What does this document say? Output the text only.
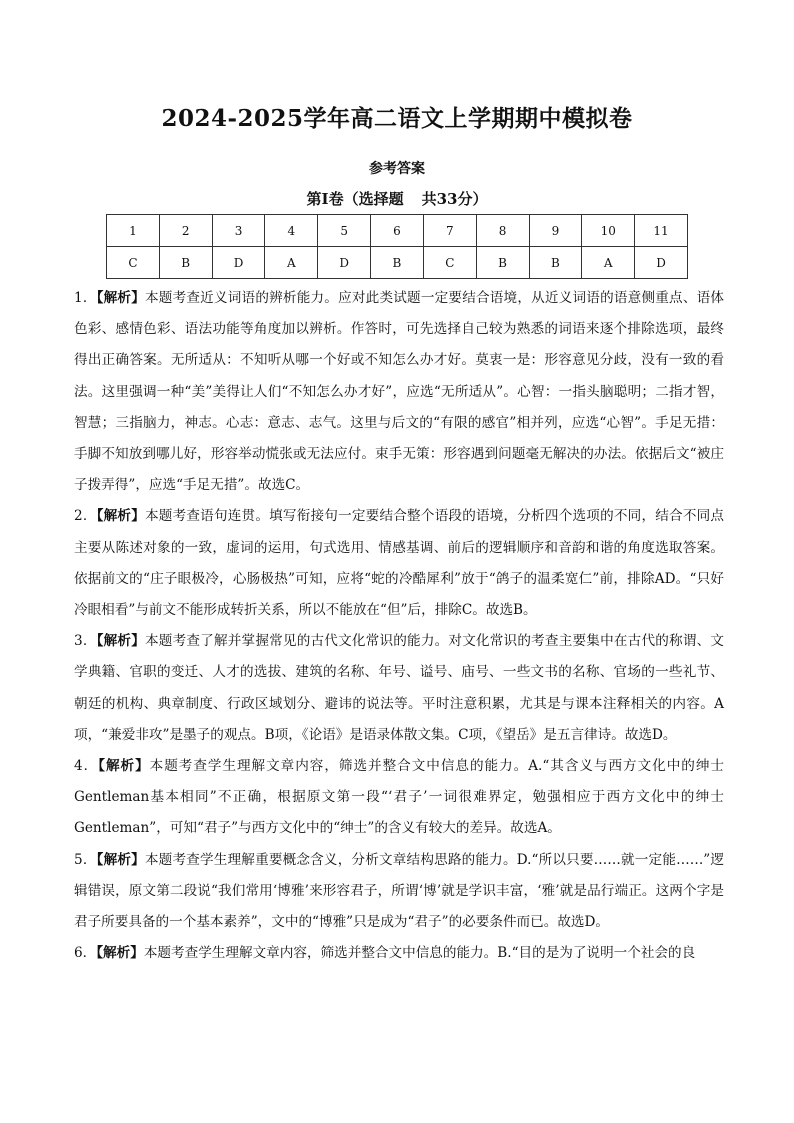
2024-2025学年高二语文上学期期中模拟卷
参考答案
第Ⅰ卷（选择题 共33分）
1	2	3	4	5	6	7	8	9	10	11
C	B	D	A	D	B	C	B	B	A	D

1．【解析】本题考查近义词语的辨析能力。应对此类试题一定要结合语境，从近义词语的语意侧重点、语体色彩、感情色彩、语法功能等角度加以辨析。作答时，可先选择自己较为熟悉的词语来逐个排除选项，最终得出正确答案。无所适从：不知听从哪一个好或不知怎么办才好。莫衷一是：形容意见分歧，没有一致的看法。这里强调一种“美”美得让人们“不知怎么办才好”，应选“无所适从”。心智：一指头脑聪明；二指才智，智慧；三指脑力，神志。心志：意志、志气。这里与后文的“有限的感官”相并列，应选“心智”。手足无措：手脚不知放到哪儿好，形容举动慌张或无法应付。束手无策：形容遇到问题毫无解决的办法。依据后文“被庄子拨弄得”，应选“手足无措”。故选C。

2．【解析】本题考查语句连贯。填写衔接句一定要结合整个语段的语境，分析四个选项的不同，结合不同点主要从陈述对象的一致，虚词的运用，句式选用、情感基调、前后的逻辑顺序和音韵和谐的角度选取答案。依据前文的“庄子眼极冷，心肠极热”可知，应将“蛇的冷酷犀利”放于“鸽子的温柔宽仁”前，排除AD。“只好冷眼相看”与前文不能形成转折关系，所以不能放在“但”后，排除C。故选B。

3．【解析】本题考查了解并掌握常见的古代文化常识的能力。对文化常识的考查主要集中在古代的称谓、文学典籍、官职的变迁、人才的选拔、建筑的名称、年号、谥号、庙号、一些文书的名称、官场的一些礼节、朝廷的机构、典章制度、行政区域划分、避讳的说法等。平时注意积累，尤其是与课本注释相关的内容。A项，“兼爱非攻”是墨子的观点。B项，《论语》是语录体散文集。C项，《望岳》是五言律诗。故选D。

4．【解析】本题考查学生理解文章内容，筛选并整合文中信息的能力。A.“其含义与西方文化中的绅士Gentleman基本相同”不正确，根据原文第一段“‘君子’一词很难界定，勉强相应于西方文化中的绅士Gentleman”，可知“君子”与西方文化中的“绅士”的含义有较大的差异。故选A。

5．【解析】本题考查学生理解重要概念含义，分析文章结构思路的能力。D.“所以只要……就一定能……”逻辑错误，原文第二段说“我们常用‘博雅’来形容君子，所谓‘博’就是学识丰富，‘雅’就是品行端正。这两个字是君子所要具备的一个基本素养”，文中的“博雅”只是成为“君子”的必要条件而已。故选D。

6．【解析】本题考查学生理解文章内容，筛选并整合文中信息的能力。B.“目的是为了说明一个社会的良
